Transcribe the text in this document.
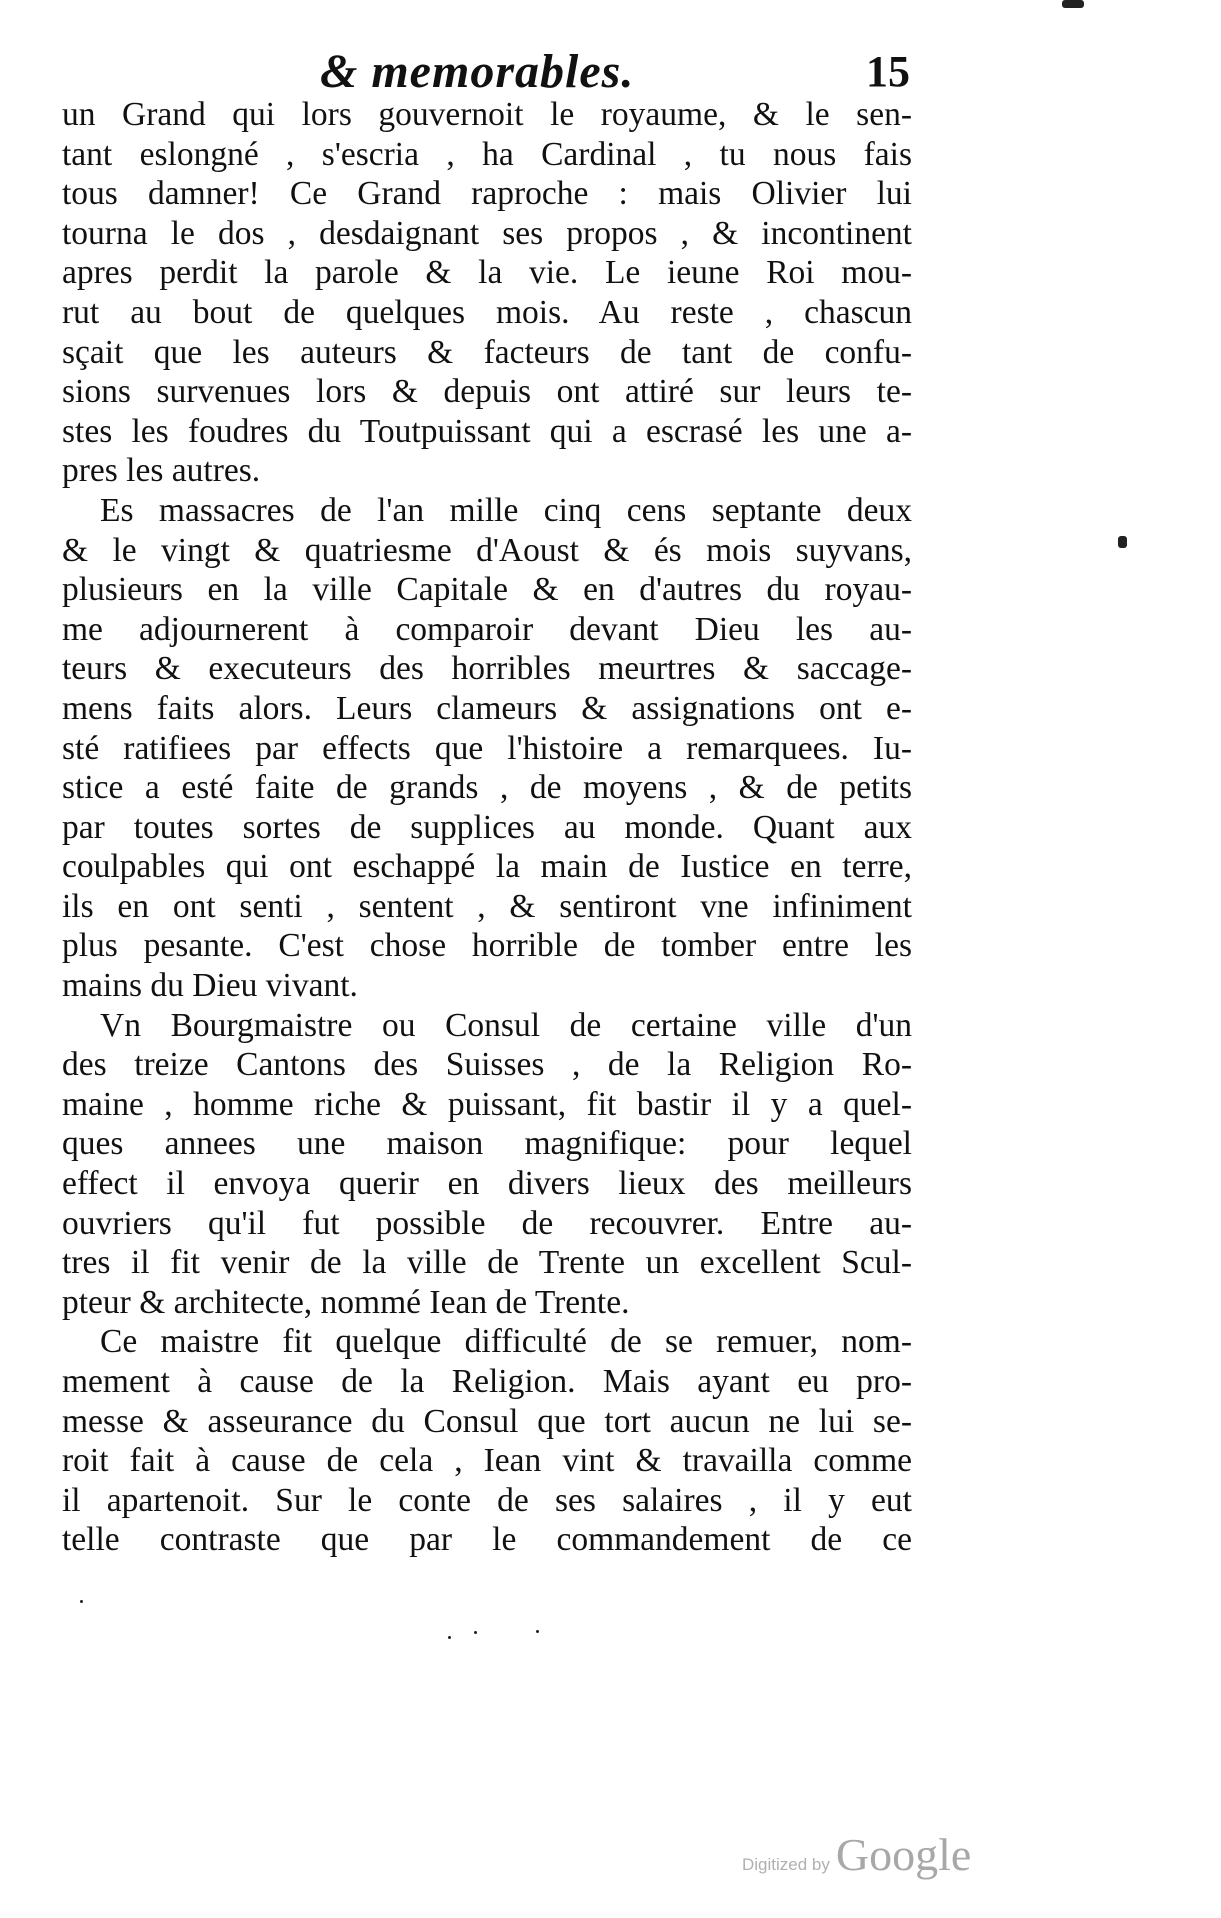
& memorables.	15
un Grand qui lors gouvernoit le royaume, & le sen-
tant eslongné , s'escria , ha Cardinal , tu nous fais
tous damner! Ce Grand raproche : mais Olivier lui
tourna le dos , desdaignant ses propos , & incontinent
apres perdit la parole & la vie. Le ieune Roi mou-
rut au bout de quelques mois. Au reste , chascun
sçait que les auteurs & facteurs de tant de confu-
sions survenues lors & depuis ont attiré sur leurs te-
stes les foudres du Toutpuissant qui a escrasé les une a-
pres les autres.
Es massacres de l'an mille cinq cens septante deux
& le vingt & quatriesme d'Aoust & és mois suyvans,
plusieurs en la ville Capitale & en d'autres du royau-
me adjournerent à comparoir devant Dieu les au-
teurs & executeurs des horribles meurtres & saccage-
mens faits alors. Leurs clameurs & assignations ont e-
sté ratifiees par effects que l'histoire a remarquees. Iu-
stice a esté faite de grands , de moyens , & de petits
par toutes sortes de supplices au monde. Quant aux
coulpables qui ont eschappé la main de Iustice en terre,
ils en ont senti , sentent , & sentiront vne infiniment
plus pesante. C'est chose horrible de tomber entre les
mains du Dieu vivant.
Vn Bourgmaistre ou Consul de certaine ville d'un
des treize Cantons des Suisses , de la Religion Ro-
maine , homme riche & puissant, fit bastir il y a quel-
ques annees une maison magnifique: pour lequel
effect il envoya querir en divers lieux des meilleurs
ouvriers qu'il fut possible de recouvrer. Entre au-
tres il fit venir de la ville de Trente un excellent Scul-
pteur & architecte, nommé Iean de Trente.
Ce maistre fit quelque difficulté de se remuer, nom-
mement à cause de la Religion. Mais ayant eu pro-
messe & asseurance du Consul que tort aucun ne lui se-
roit fait à cause de cela , Iean vint & travailla comme
il apartenoit. Sur le conte de ses salaires , il y eut
telle contraste que par le commandement de ce
Digitized by Google
